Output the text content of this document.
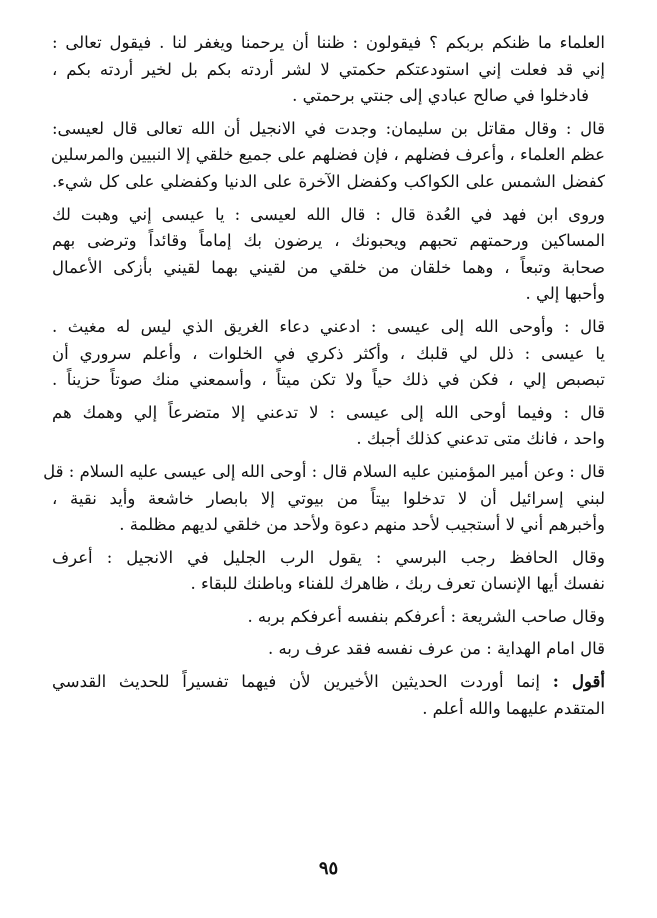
العلماء ما ظنكم بربكم ؟ فيقولون : ظننا أن يرحمنا ويغفر لنا . فيقول تعالى :
إني قد فعلت إني استودعتكم حكمتي لا لشر أردته بكم بل لخير أردته بكم ،
فادخلوا في صالح عبادي إلى جنتي برحمتي .
قال : وقال مقاتل بن سليمان: وجدت في الانجيل أن الله تعالى قال لعيسى:
عظم العلماء ، وأعرف فضلهم ، فإن فضلهم على جميع خلقي إلا النبيين والمرسلين
كفضل الشمس على الكواكب وكفضل الآخرة على الدنيا وكفضلي على كل شيء.
وروى ابن فهد في العُدة قال : قال الله لعيسى : يا عيسى إني وهبت لك
المساكين ورحمتهم تحبهم ويحبونك ، يرضون بك إماماً وقائداً وترضى بهم
صحابة وتبعاً ، وهما خلقان من خلقي من لقيني بهما لقيني بأزكى الأعمال
وأحبها إلي .
قال : وأوحى الله إلى عيسى : ادعني دعاء الغريق الذي ليس له مغيث .
يا عيسى : ذلل لي قلبك ، وأكثر ذكري في الخلوات ، وأعلم سروري أن
تبصبص إلي ، فكن في ذلك حياً ولا تكن ميتاً ، وأسمعني منك صوتاً حزيناً .
قال : وفيما أوحى الله إلى عيسى : لا تدعني إلا متضرعاً إلي وهمك هم
واحد ، فانك متى تدعني كذلك أجبك .
قال : وعن أمير المؤمنين عليه السلام قال : أوحى الله إلى عيسى عليه السلام : قل
لبني إسرائيل أن لا تدخلوا بيتاً من بيوتي إلا بابصار خاشعة وأيد نقية ،
وأخبرهم أني لا أستجيب لأحد منهم دعوة ولأحد من خلقي لديهم مظلمة .
وقال الحافظ رجب البرسي : يقول الرب الجليل في الانجيل : أعرف
نفسك أيها الإنسان تعرف ربك ، ظاهرك للفناء وباطنك للبقاء .
وقال صاحب الشريعة : أعرفكم بنفسه أعرفكم بربه .
قال امام الهداية : من عرف نفسه فقد عرف ربه .
أقول : إنما أوردت الحديثين الأخيرين لأن فيهما تفسيراً للحديث القدسي
المتقدم عليهما والله أعلم .
٩٥
